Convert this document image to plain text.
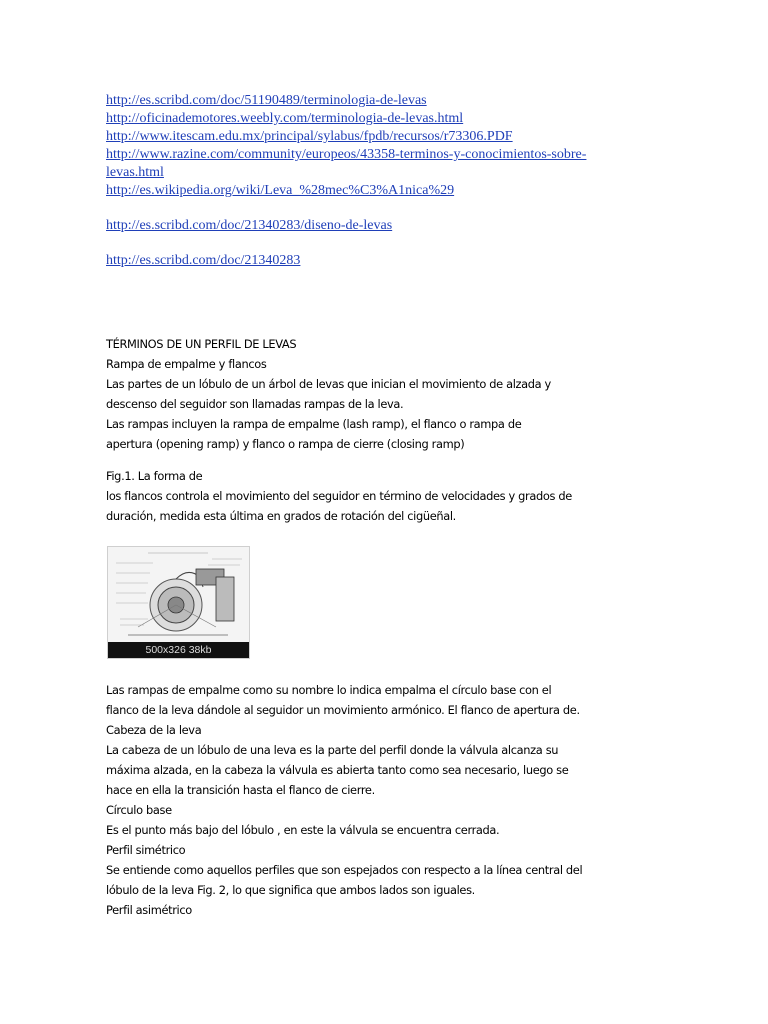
http://es.scribd.com/doc/51190489/terminologia-de-levas
http://oficinademotores.weebly.com/terminologia-de-levas.html
http://www.itescam.edu.mx/principal/sylabus/fpdb/recursos/r73306.PDF
http://www.razine.com/community/europeos/43358-terminos-y-conocimientos-sobre-
levas.html
http://es.wikipedia.org/wiki/Leva_%28mec%C3%A1nica%29
http://es.scribd.com/doc/21340283/diseno-de-levas
http://es.scribd.com/doc/21340283

TÉRMINOS DE UN PERFIL DE LEVAS

Rampa de empalme y flancos

Las partes de un lóbulo de un árbol de levas que inician el movimiento de alzada y

descenso del seguidor son llamadas rampas de la leva.

Las rampas incluyen la rampa de empalme (lash ramp), el flanco o rampa de

apertura (opening ramp) y flanco o rampa de cierre (closing ramp)

Fig.1. La forma de

los flancos controla el movimiento del seguidor en término de velocidades y grados de

duración, medida esta última en grados de rotación del cigüeñal.

500x326 38kb

Las rampas de empalme como su nombre lo indica empalma el círculo base con el

flanco de la leva dándole al seguidor un movimiento armónico. El flanco de apertura de.

Cabeza de la leva

La cabeza de un lóbulo de una leva es la parte del perfil donde la válvula alcanza su

máxima alzada, en la cabeza la válvula es abierta tanto como sea necesario, luego se

hace en ella la transición hasta el flanco de cierre.

Círculo base

Es el punto más bajo del lóbulo , en este la válvula se encuentra cerrada.

Perfil simétrico

Se entiende como aquellos perfiles que son espejados con respecto a la línea central del

lóbulo de la leva Fig. 2, lo que significa que ambos lados son iguales.

Perfil asimétrico
